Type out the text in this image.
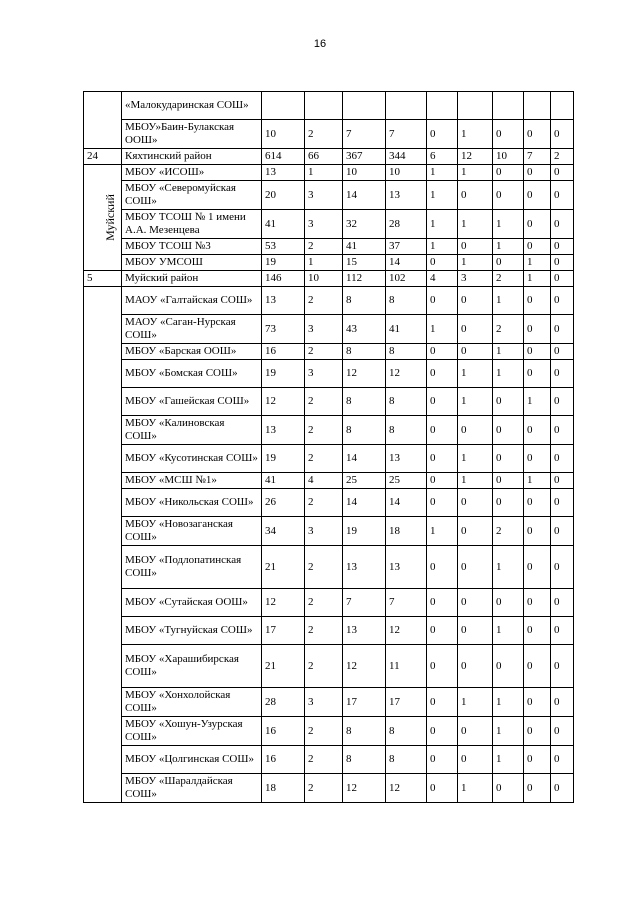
16
	«Малокударинская СОШ»									
	МБОУ»Баин-Булакская ООШ»	10	2	7	7	0	1	0	0	0
24	Кяхтинский район	614	66	367	344	6	12	10	7	2
Муйский	МБОУ «ИСОШ»	13	1	10	10	1	1	0	0	0
	МБОУ «Северомуйская СОШ»	20	3	14	13	1	0	0	0	0
	МБОУ ТСОШ № 1 имени А.А. Мезенцева	41	3	32	28	1	1	1	0	0
	МБОУ ТСОШ №3	53	2	41	37	1	0	1	0	0
	МБОУ УМСОШ	19	1	15	14	0	1	0	1	0
5	Муйский район	146	10	112	102	4	3	2	1	0
	МАОУ «Галтайская СОШ»	13	2	8	8	0	0	1	0	0
	МАОУ «Саган-Нурская СОШ»	73	3	43	41	1	0	2	0	0
	МБОУ «Барская ООШ»	16	2	8	8	0	0	1	0	0
	МБОУ «Бомская СОШ»	19	3	12	12	0	1	1	0	0
	МБОУ «Гашейская СОШ»	12	2	8	8	0	1	0	1	0
	МБОУ «Калиновская СОШ»	13	2	8	8	0	0	0	0	0
	МБОУ «Кусотинская СОШ»	19	2	14	13	0	1	0	0	0
	МБОУ «МСШ №1»	41	4	25	25	0	1	0	1	0
	МБОУ «Никольская СОШ»	26	2	14	14	0	0	0	0	0
	МБОУ «Новозаганская СОШ»	34	3	19	18	1	0	2	0	0
	МБОУ «Подлопатинская СОШ»	21	2	13	13	0	0	1	0	0
	МБОУ «Сутайская ООШ»	12	2	7	7	0	0	0	0	0
	МБОУ «Тугнуйская СОШ»	17	2	13	12	0	0	1	0	0
	МБОУ «Харашибирская СОШ»	21	2	12	11	0	0	0	0	0
	МБОУ «Хонхолойская СОШ»	28	3	17	17	0	1	1	0	0
	МБОУ «Хошун-Узурская СОШ»	16	2	8	8	0	0	1	0	0
	МБОУ «Цолгинская СОШ»	16	2	8	8	0	0	1	0	0
	МБОУ «Шаралдайская СОШ»	18	2	12	12	0	1	0	0	0
